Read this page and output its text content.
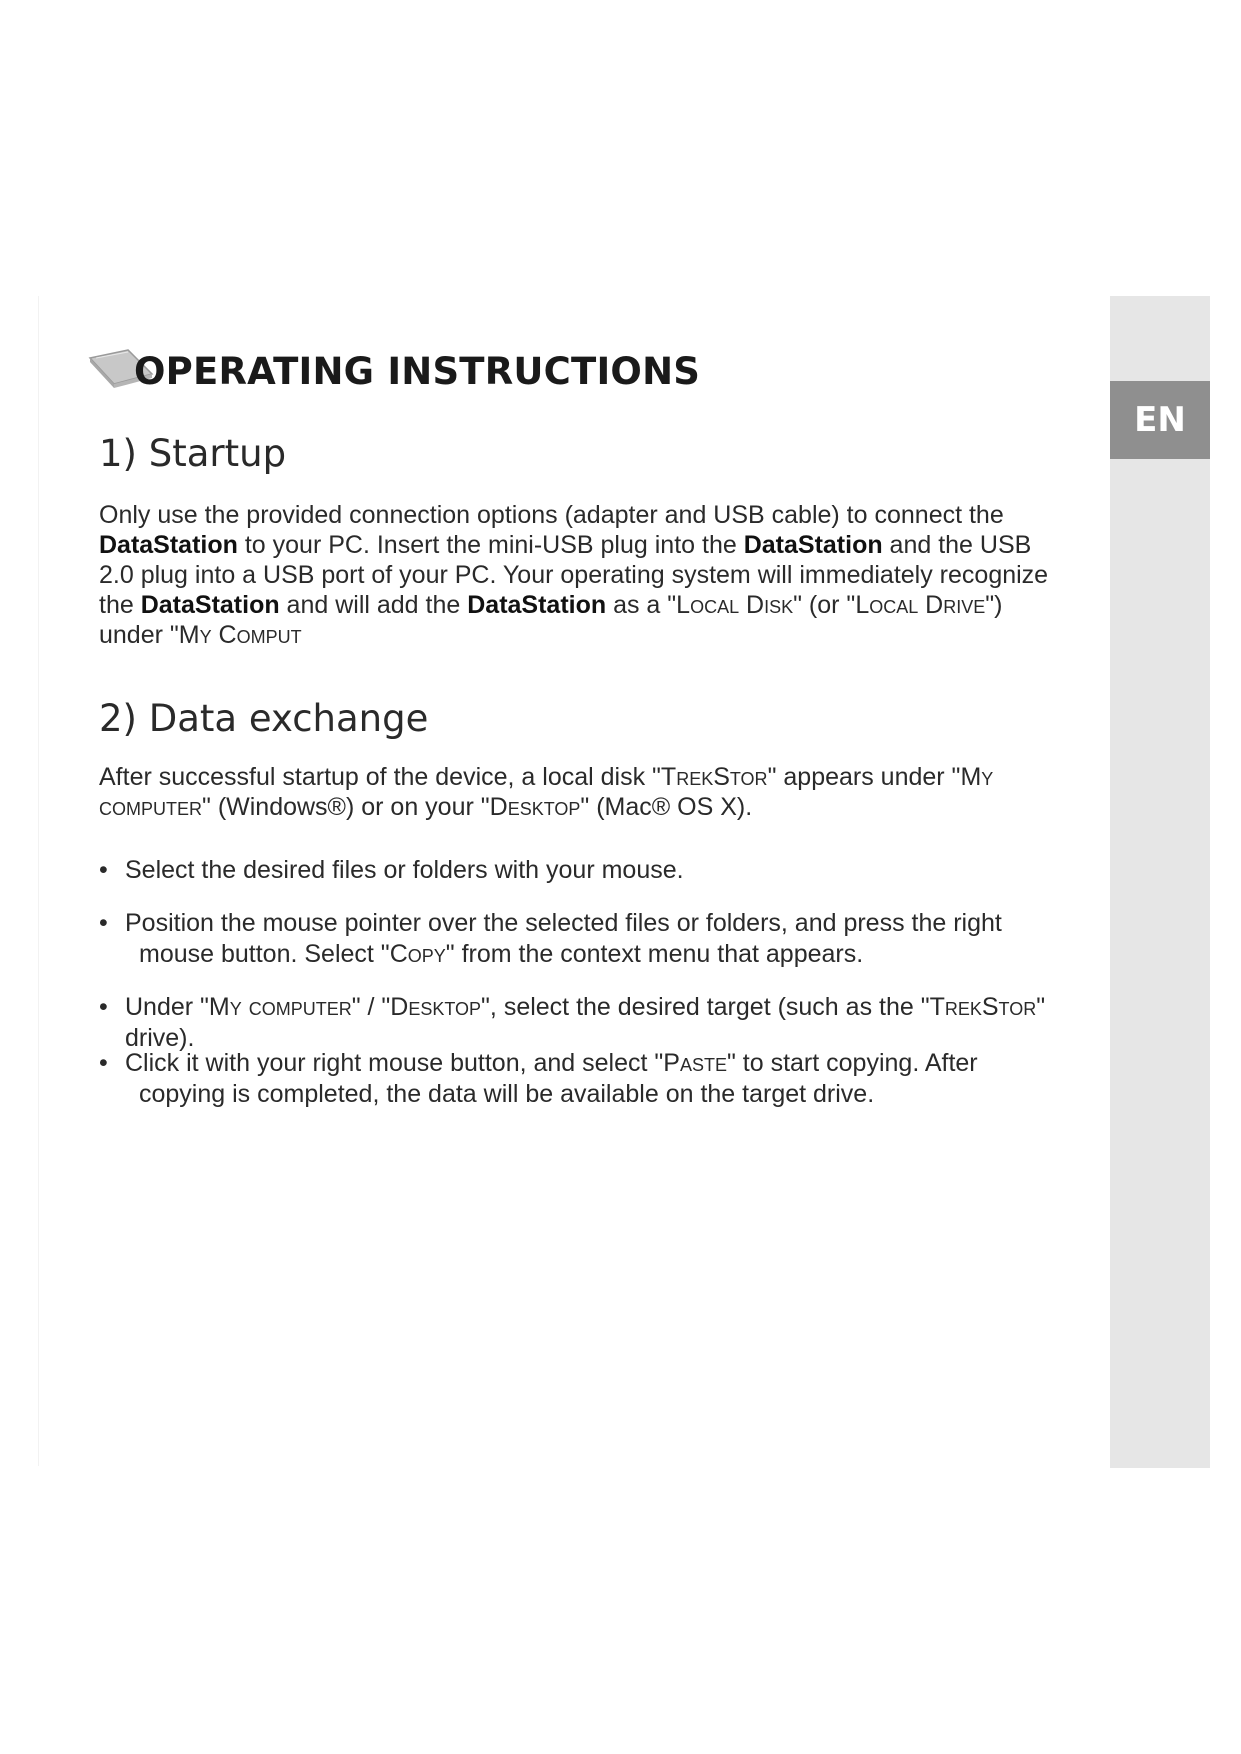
EN
OPERATING INSTRUCTIONS
1) Startup

Only use the provided connection options (adapter and USB cable) to connect the DataStation to your PC. Insert the mini-USB plug into the DataStation and the USB 2.0 plug into a USB port of your PC. Your operating system will immediately recognize the DataStation and will add the DataStation as a "Local Disk" (or "Local Drive") under "My Comput

2) Data exchange

After successful startup of the device, a local disk "TrekStor" appears under "My computer" (Windows®) or on your "Desktop" (Mac® OS X).

• Select the desired files or folders with your mouse.
• Position the mouse pointer over the selected files or folders, and press the right
mouse button. Select "Copy" from the context menu that appears.
• Under "My computer" / "Desktop", select the desired target (such as the "TrekStor" drive).
• Click it with your right mouse button, and select "Paste" to start copying. After
copying is completed, the data will be available on the target drive.
